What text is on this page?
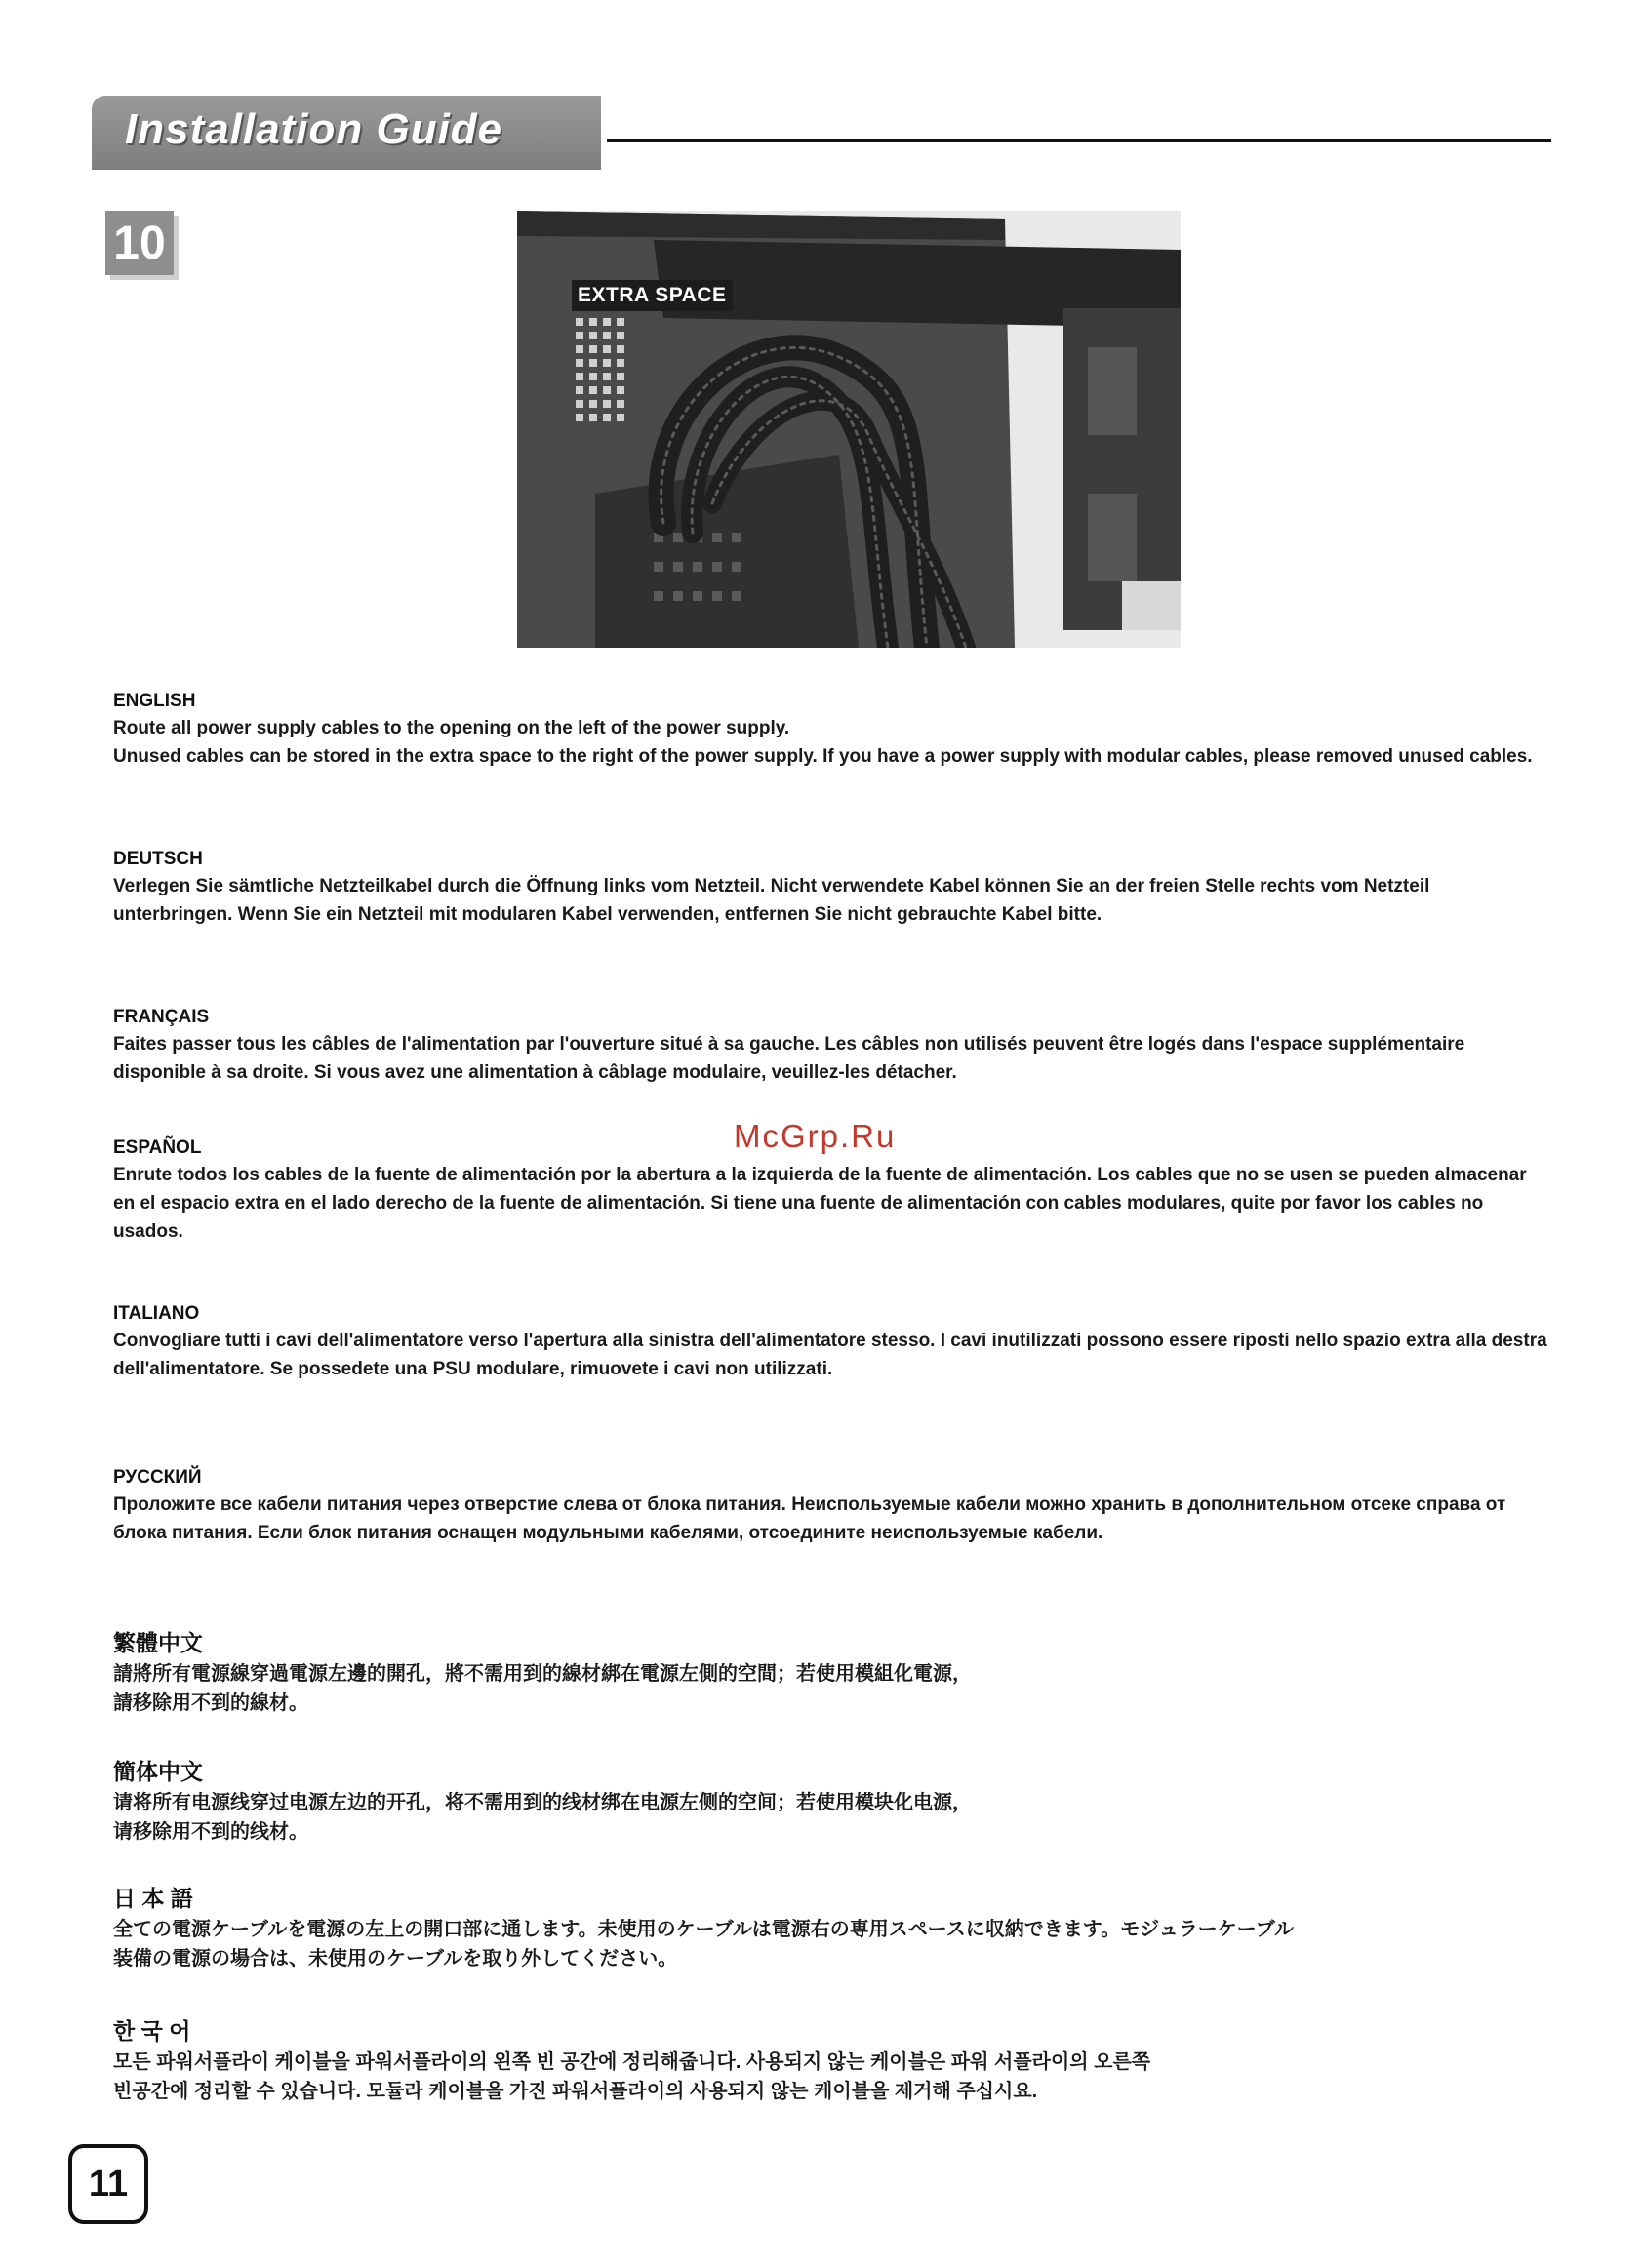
Installation Guide
10
EXTRA SPACE

ENGLISH

Route all power supply cables to the opening on the left of the power supply.

Unused cables can be stored in the extra space to the right of the power supply. If you have a power supply with modular cables, please removed unused cables.

DEUTSCH

Verlegen Sie sämtliche Netzteilkabel durch die Öffnung links vom Netzteil. Nicht verwendete Kabel können Sie an der freien Stelle rechts vom Netzteil unterbringen. Wenn Sie ein Netzteil mit modularen Kabel verwenden, entfernen Sie nicht gebrauchte Kabel bitte.

FRANÇAIS

Faites passer tous les câbles de l'alimentation par l'ouverture situé à sa gauche. Les câbles non utilisés peuvent être logés dans l'espace supplémentaire disponible à sa droite. Si vous avez une alimentation à câblage modulaire, veuillez-les détacher.

ESPAÑOL

Enrute todos los cables de la fuente de alimentación por la abertura a la izquierda de la fuente de alimentación. Los cables que no se usen se pueden almacenar en el espacio extra en el lado derecho de la fuente de alimentación. Si tiene una fuente de alimentación con cables modulares, quite por favor los cables no usados.

ITALIANO

Convogliare tutti i cavi dell'alimentatore verso l'apertura alla sinistra dell'alimentatore stesso. I cavi inutilizzati possono essere riposti nello spazio extra alla destra dell'alimentatore. Se possedete una PSU modulare, rimuovete i cavi non utilizzati.

РУССКИЙ

Проложите все кабели питания через отверстие слева от блока питания. Неиспользуемые кабели можно хранить в дополнительном отсеке справа от блока питания. Если блок питания оснащен модульными кабелями, отсоедините неиспользуемые кабели.

繁體中文

請將所有電源線穿過電源左邊的開孔，將不需用到的線材綁在電源左側的空間；若使用模組化電源，

請移除用不到的線材。

簡体中文

请将所有电源线穿过电源左边的开孔，将不需用到的线材绑在电源左侧的空间；若使用模块化电源，

请移除用不到的线材。

日 本 語

全ての電源ケーブルを電源の左上の開口部に通します。未使用のケーブルは電源右の専用スペースに収納できます。モジュラーケーブル

装備の電源の場合は、未使用のケーブルを取り外してください。

한 국 어

모든 파워서플라이 케이블을 파워서플라이의 왼쪽 빈 공간에 정리해줍니다. 사용되지 않는 케이블은 파워 서플라이의 오른쪽

빈공간에 정리할 수 있습니다. 모듈라 케이블을 가진 파워서플라이의 사용되지 않는 케이블을 제거해 주십시요.

McGrp.Ru
11
